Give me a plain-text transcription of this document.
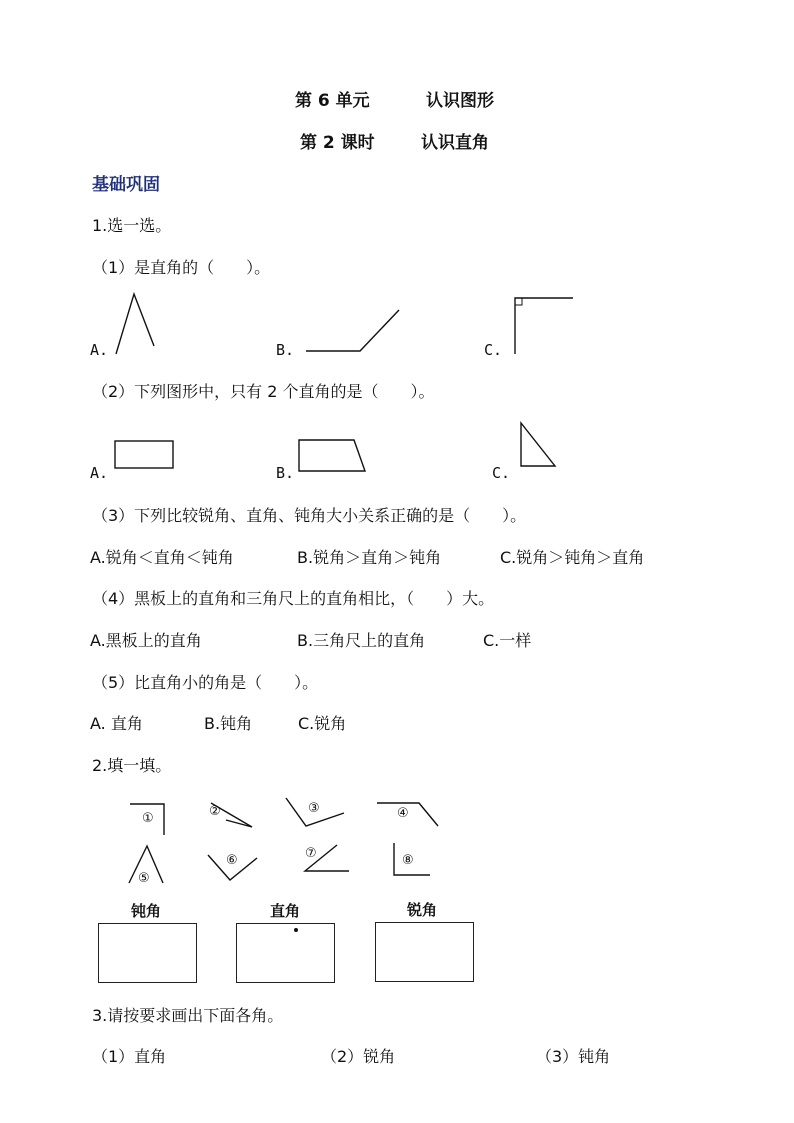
第 6 单元	认识图形
第 2 课时	认识直角
基础巩固
1.选一选。
（1）是直角的（　　）。
A.	B.	C.
（2）下列图形中，只有 2 个直角的是（　　）。
A.	B.	C.
（3）下列比较锐角、直角、钝角大小关系正确的是（　　）。
A.锐角＜直角＜钝角	B.锐角＞直角＞钝角	C.锐角＞钝角＞直角
（4）黑板上的直角和三角尺上的直角相比，（　　）大。
A.黑板上的直角	B.三角尺上的直角	C.一样
（5）比直角小的角是（　　）。
A. 直角	B.钝角	C.锐角
2.填一填。
①	②	③	④
⑤
⑥	⑦	⑧
钝角	直角	锐角
3.请按要求画出下面各角。
（1）直角	（2）锐角	（3）钝角
